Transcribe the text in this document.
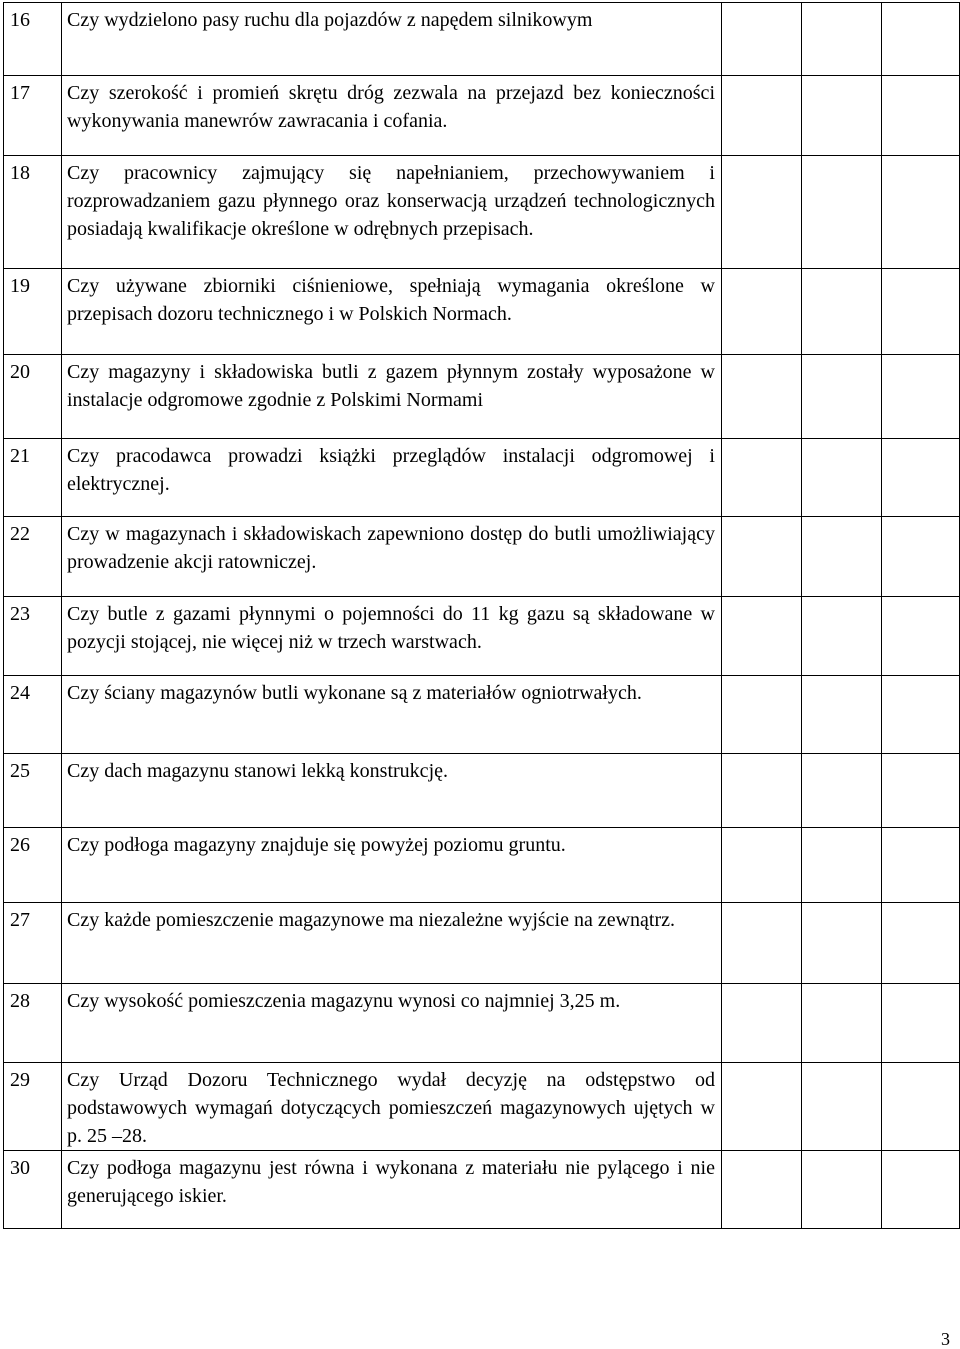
16	Czy wydzielono pasy ruchu dla pojazdów z napędem silnikowym			
17	Czy szerokość i promień skrętu dróg zezwala na przejazd bez konieczności wykonywania manewrów zawracania i cofania.			
18	Czy pracownicy zajmujący się napełnianiem, przechowywaniem i rozprowadzaniem gazu płynnego oraz konserwacją urządzeń technologicznych posiadają kwalifikacje określone w odrębnych przepisach.			
19	Czy używane zbiorniki ciśnieniowe, spełniają wymagania określone w przepisach dozoru technicznego i w Polskich Normach.			
20	Czy magazyny i składowiska butli z gazem płynnym zostały wyposażone w instalacje odgromowe zgodnie z Polskimi Normami			
21	Czy pracodawca prowadzi książki przeglądów instalacji odgromowej i elektrycznej.			
22	Czy w magazynach i składowiskach zapewniono dostęp do butli umożliwiający prowadzenie akcji ratowniczej.			
23	Czy butle z gazami płynnymi o pojemności do 11 kg gazu są składowane w pozycji stojącej, nie więcej niż w trzech warstwach.			
24	Czy ściany magazynów butli wykonane są z materiałów ogniotrwałych.			
25	Czy dach magazynu stanowi lekką konstrukcję.			
26	Czy podłoga magazyny znajduje się powyżej poziomu gruntu.			
27	Czy każde pomieszczenie magazynowe ma niezależne wyjście na zewnątrz.			
28	Czy wysokość pomieszczenia magazynu wynosi co najmniej 3,25 m.			
29	Czy Urząd Dozoru Technicznego wydał decyzję na odstępstwo od podstawowych wymagań dotyczących pomieszczeń magazynowych ujętych w p. 25 –28.			
30	Czy podłoga magazynu jest równa i wykonana z materiału nie pylącego i nie generującego iskier.			
3
